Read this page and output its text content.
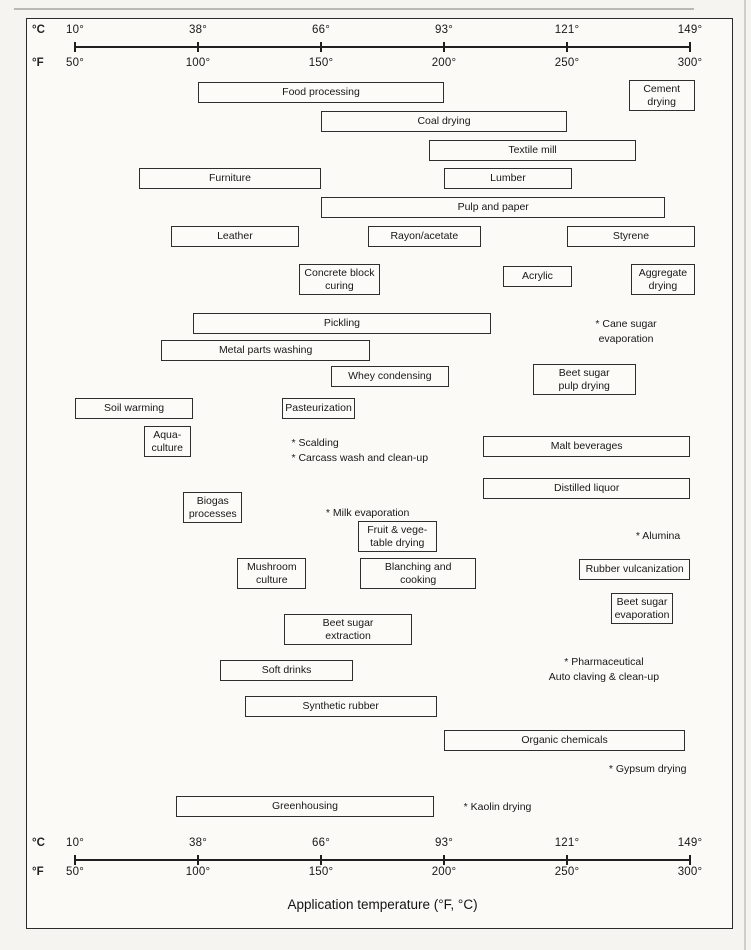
°C
°F
10°
50°
38°
100°
66°
150°
93°
200°
121°
250°
149°
300°
°C
°F
10°
50°
38°
100°
66°
150°
93°
200°
121°
250°
149°
300°
Food processing	Cement
drying
Coal drying
Textile mill
Furniture	Lumber
Pulp and paper
Leather	Rayon/acetate	Styrene
Concrete block
curing
Acrylic	Aggregate
drying
Pickling
Metal parts washing
Whey condensing	Beet sugar
pulp drying
Soil warming	Pasteurization
Aqua-
culture	Malt beverages
Distilled liquor
Biogas
processes
Fruit & vege-
table drying
Mushroom
culture
Blanching and
cooking
Rubber vulcanization
Beet sugar
evaporation
Beet sugar
extraction
Soft drinks
Synthetic rubber
Organic chemicals
Greenhousing
* Cane sugar
evaporation
* Scalding
* Carcass wash and clean-up
* Milk evaporation
* Alumina
* Pharmaceutical
Auto claving & clean-up
* Gypsum drying
* Kaolin drying
Application temperature (°F, °C)
